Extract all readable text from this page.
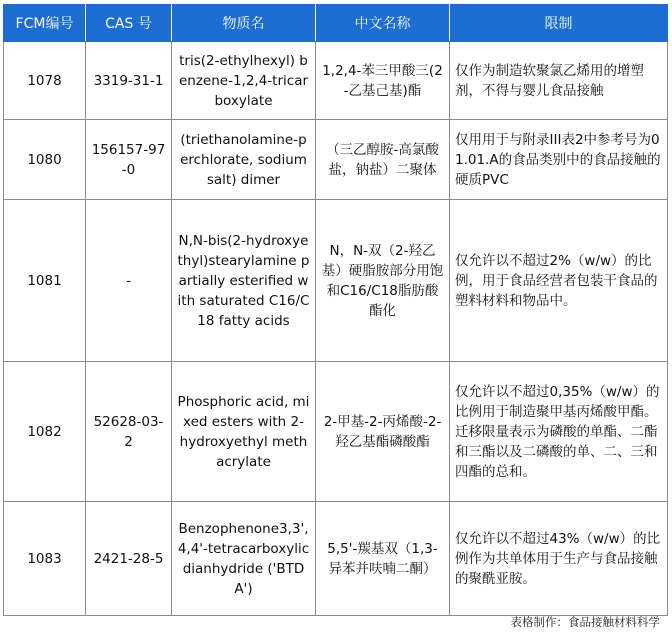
FCM编号	CAS 号	物质名	中文名称	限制
1078	3319-31-1	tris(2-ethylhexyl) benzene-1,2,4-tricarboxylate	1,2,4-苯三甲酸三(2-乙基己基)酯	仅作为制造软聚氯乙烯用的增塑剂，不得与婴儿食品接触
1080	156157-97-0	(triethanolamine-perchlorate, sodium salt) dimer	（三乙醇胺-高氯酸盐，钠盐）二聚体	仅用用于与附录III表2中参考号为01.01.A的食品类别中的食品接触的硬质PVC
1081	-	N,N-bis(2-hydroxyethyl)stearylamine partially esterified with saturated C16/C18 fatty acids	N，N-双（2-羟乙基）硬脂胺部分用饱和C16/C18脂肪酸酯化	仅允许以不超过2%（w/w）的比例，用于食品经营者包装干食品的塑料材料和物品中。
1082	52628-03-2	Phosphoric acid, mixed esters with 2- hydroxyethyl methacrylate	2-甲基-2-丙烯酸-2-羟乙基酯磷酸酯	仅允许以不超过0,35%（w/w）的比例用于制造聚甲基丙烯酸甲酯。 迁移限量表示为磷酸的单酯、二酯和三酯以及二磷酸的单、二、三和四酯的总和。
1083	2421-28-5	Benzophenone3,3',4,4'-tetracarboxylic dianhydride ('BTDA')	5,5'-羰基双（1,3-异苯并呋喃二酮）	仅允许以不超过43%（w/w）的比例作为共单体用于生产与食品接触的聚酰亚胺。
表格制作：食品接触材料科学
